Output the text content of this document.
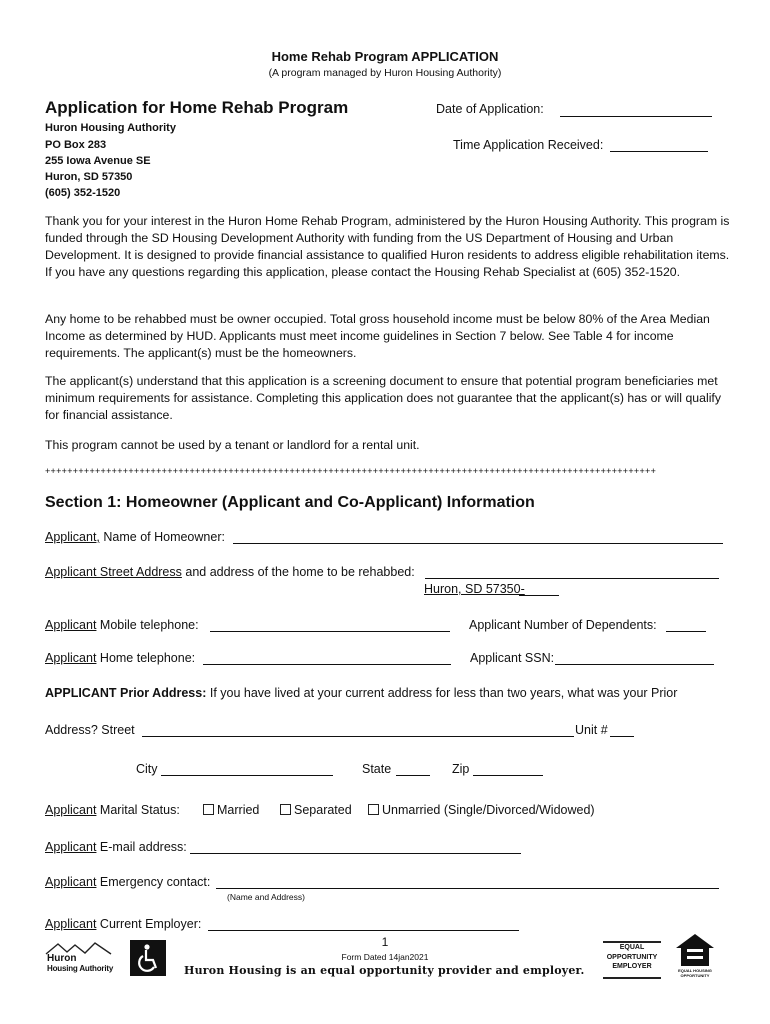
Home Rehab Program APPLICATION
(A program managed by Huron Housing Authority)
Application for Home Rehab Program
Huron Housing Authority
PO Box 283
255 Iowa Avenue SE
Huron, SD 57350
(605) 352-1520
Date of Application:
Time Application Received:
Thank you for your interest in the Huron Home Rehab Program, administered by the Huron Housing Authority. This program is funded through the SD Housing Development Authority with funding from the US Department of Housing and Urban Development. It is designed to provide financial assistance to qualified Huron residents to address eligible rehabilitation items. If you have any questions regarding this application, please contact the Housing Rehab Specialist at (605) 352-1520.
Any home to be rehabbed must be owner occupied. Total gross household income must be below 80% of the Area Median Income as determined by HUD. Applicants must meet income guidelines in Section 7 below. See Table 4 for income requirements. The applicant(s) must be the homeowners.
The applicant(s) understand that this application is a screening document to ensure that potential program beneficiaries met minimum requirements for assistance. Completing this application does not guarantee that the applicant(s) has or will qualify for financial assistance.
This program cannot be used by a tenant or landlord for a rental unit.
++++++++++++++++++++++++++++++++++++++++++++++++++++++++++++++++++++++++++++++++++++++++++++++++++++++++++++++
Section 1: Homeowner (Applicant and Co-Applicant) Information
Applicant, Name of Homeowner:
Applicant Street Address and address of the home to be rehabbed:
Huron, SD 57350-
Applicant Mobile telephone:	Applicant Number of Dependents:
Applicant Home telephone:	Applicant SSN:
APPLICANT Prior Address: If you have lived at your current address for less than two years, what was your Prior
Address? Street	Unit #
City	State	Zip
Applicant Marital Status:	Married	Separated	Unmarried (Single/Divorced/Widowed)
Applicant E-mail address:
Applicant Emergency contact:
(Name and Address)
Applicant Current Employer:
Huron
Housing Authority
1
Form Dated 14jan2021
Huron Housing is an equal opportunity provider and employer.
EQUAL
OPPORTUNITY
EMPLOYER
EQUAL HOUSING OPPORTUNITY
